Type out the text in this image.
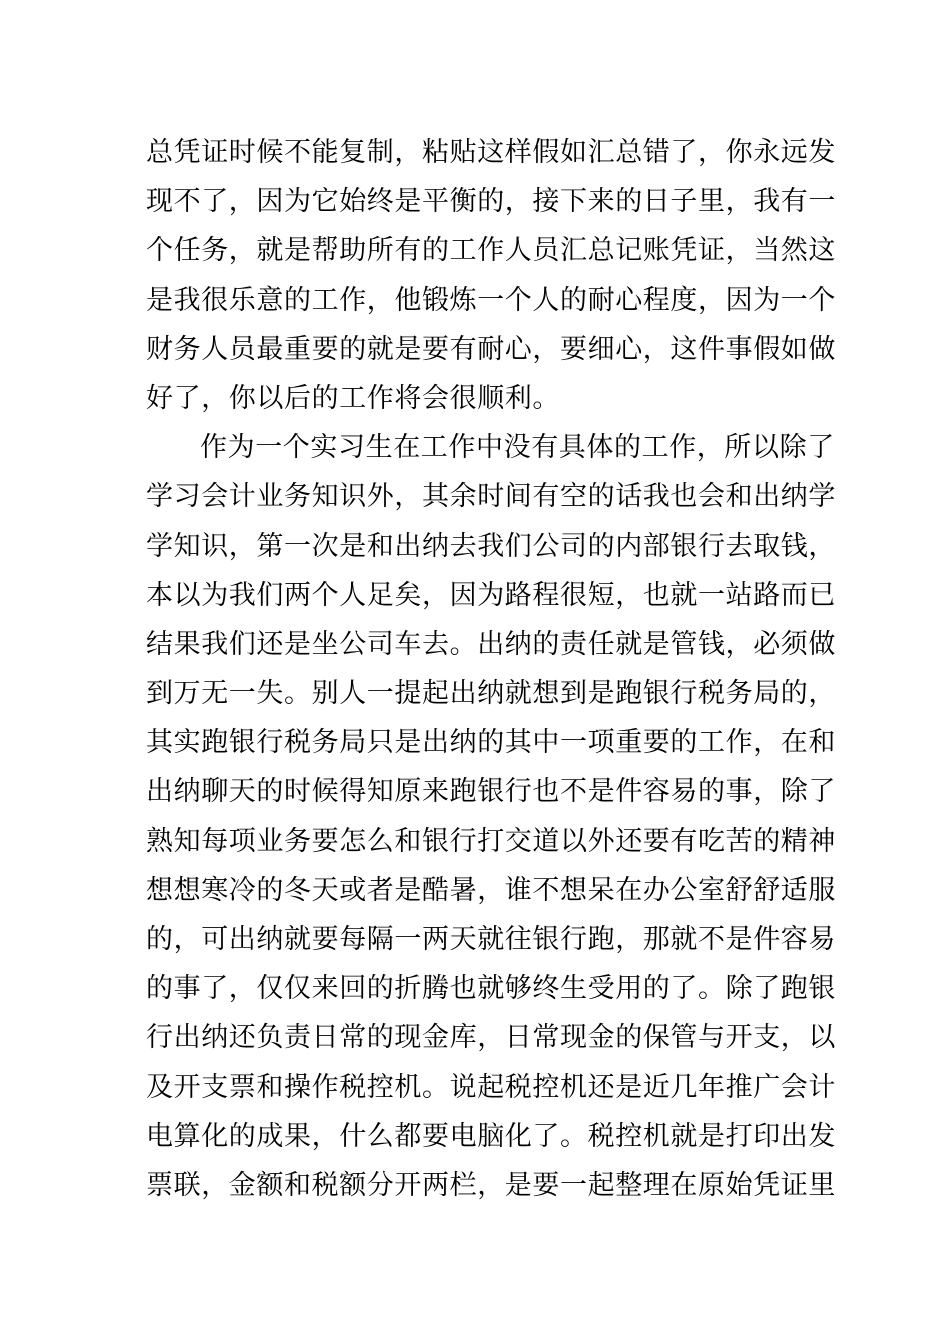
总凭证时候不能复制，粘贴这样假如汇总错了，你永远发
现不了，因为它始终是平衡的，接下来的日子里，我有一
个任务，就是帮助所有的工作人员汇总记账凭证，当然这
是我很乐意的工作，他锻炼一个人的耐心程度，因为一个
财务人员最重要的就是要有耐心，要细心，这件事假如做
好了，你以后的工作将会很顺利。
作为一个实习生在工作中没有具体的工作，所以除了
学习会计业务知识外，其余时间有空的话我也会和出纳学
学知识，第一次是和出纳去我们公司的内部银行去取钱，
本以为我们两个人足矣，因为路程很短，也就一站路而已
结果我们还是坐公司车去。出纳的责任就是管钱，必须做
到万无一失。别人一提起出纳就想到是跑银行税务局的，
其实跑银行税务局只是出纳的其中一项重要的工作，在和
出纳聊天的时候得知原来跑银行也不是件容易的事，除了
熟知每项业务要怎么和银行打交道以外还要有吃苦的精神
想想寒冷的冬天或者是酷暑，谁不想呆在办公室舒舒适服
的，可出纳就要每隔一两天就往银行跑，那就不是件容易
的事了，仅仅来回的折腾也就够终生受用的了。除了跑银
行出纳还负责日常的现金库，日常现金的保管与开支，以
及开支票和操作税控机。说起税控机还是近几年推广会计
电算化的成果，什么都要电脑化了。税控机就是打印出发
票联，金额和税额分开两栏，是要一起整理在原始凭证里
